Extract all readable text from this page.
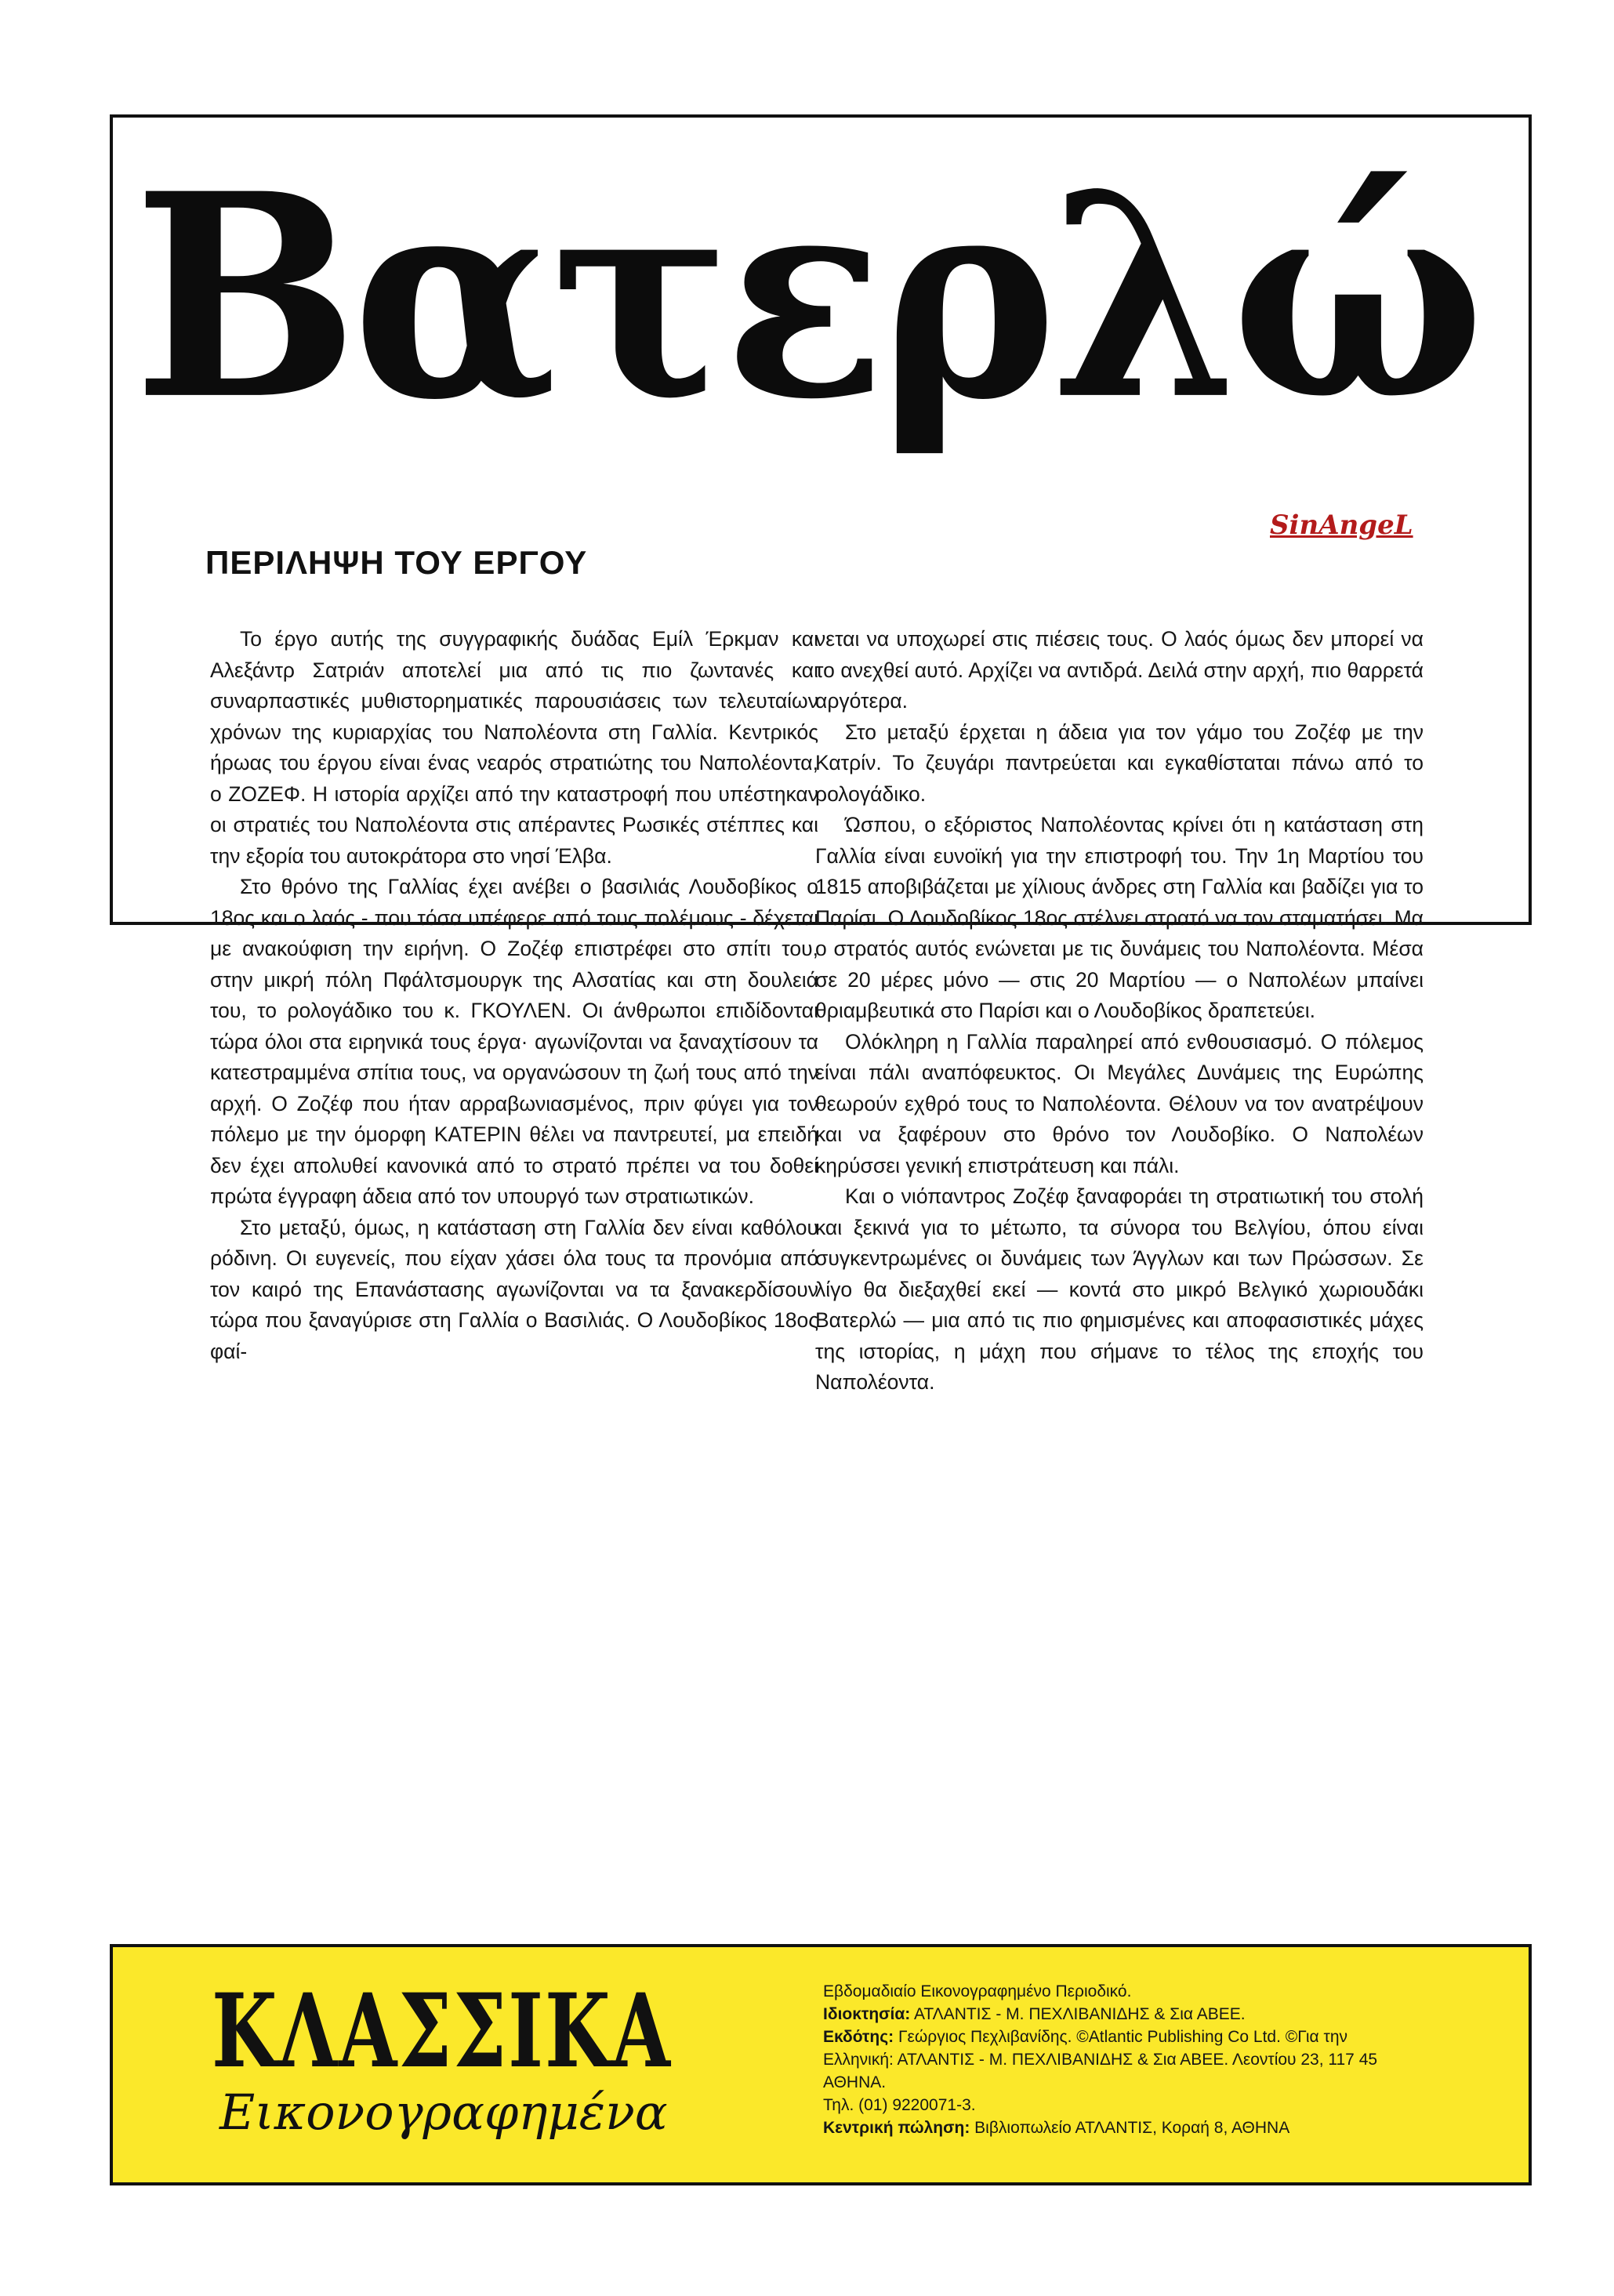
Βατερλώ
SinAngeL
ΠΕΡΙΛΗΨΗ ΤΟΥ ΕΡΓΟΥ

Το έργο αυτής της συγγραφικής δυάδας Εμίλ Έρκμαν και Αλεξάντρ Σατριάν αποτελεί μια από τις πιο ζωντανές και συναρπαστικές μυθιστορηματικές παρουσιάσεις των τελευταίων χρόνων της κυριαρχίας του Ναπολέοντα στη Γαλλία. Κεντρικός ήρωας του έργου είναι ένας νεαρός στρατιώτης του Ναπολέοντα, ο ΖΟΖΕΦ. Η ιστορία αρχίζει από την καταστροφή που υπέστηκαν οι στρατιές του Ναπολέοντα στις απέραντες Ρωσικές στέππες και την εξορία του αυτοκράτορα στο νησί Έλβα.

Στο θρόνο της Γαλλίας έχει ανέβει ο βασιλιάς Λουδοβίκος ο 18ος και ο λαός - που τόσα υπέφερε από τους πολέμους - δέχεται με ανακούφιση την ειρήνη. Ο Ζοζέφ επιστρέφει στο σπίτι του, στην μικρή πόλη Πφάλτσμουργκ της Αλσατίας και στη δουλειά του, το ρολογάδικο του κ. ΓΚΟΥΛΕΝ. Οι άνθρωποι επιδίδονται τώρα όλοι στα ειρηνικά τους έργα· αγωνίζονται να ξαναχτίσουν τα κατεστραμμένα σπίτια τους, να οργανώσουν τη ζωή τους από την αρχή. Ο Ζοζέφ που ήταν αρραβωνιασμένος, πριν φύγει για τον πόλεμο με την όμορφη ΚΑΤΕΡΙΝ θέλει να παντρευτεί, μα επειδή δεν έχει απολυθεί κανονικά από το στρατό πρέπει να του δοθεί πρώτα έγγραφη άδεια από τον υπουργό των στρατιωτικών.

Στο μεταξύ, όμως, η κατάσταση στη Γαλλία δεν είναι καθόλου ρόδινη. Οι ευγενείς, που είχαν χάσει όλα τους τα προνόμια από τον καιρό της Επανάστασης αγωνίζονται να τα ξανακερδίσουν τώρα που ξαναγύρισε στη Γαλλία ο Βασιλιάς. Ο Λουδοβίκος 18ος φαί-

νεται να υποχωρεί στις πιέσεις τους. Ο λαός όμως δεν μπορεί να το ανεχθεί αυτό. Αρχίζει να αντιδρά. Δειλά στην αρχή, πιο θαρρετά αργότερα.

Στο μεταξύ έρχεται η άδεια για τον γάμο του Ζοζέφ με την Κατρίν. Το ζευγάρι παντρεύεται και εγκαθίσταται πάνω από το ρολογάδικο.

Ώσπου, ο εξόριστος Ναπολέοντας κρίνει ότι η κατάσταση στη Γαλλία είναι ευνοϊκή για την επιστροφή του. Την 1η Μαρτίου του 1815 αποβιβάζεται με χίλιους άνδρες στη Γαλλία και βαδίζει για το Παρίσι. Ο Λουδοβίκος 18ος στέλνει στρατό να τον σταματήσει. Μα ο στρατός αυτός ενώνεται με τις δυνάμεις του Ναπολέοντα. Μέσα σε 20 μέρες μόνο — στις 20 Μαρτίου — ο Ναπολέων μπαίνει θριαμβευτικά στο Παρίσι και ο Λουδοβίκος δραπετεύει.

Ολόκληρη η Γαλλία παραληρεί από ενθουσιασμό. Ο πόλεμος είναι πάλι αναπόφευκτος. Οι Μεγάλες Δυνάμεις της Ευρώπης θεωρούν εχθρό τους το Ναπολέοντα. Θέλουν να τον ανατρέψουν και να ξαφέρουν στο θρόνο τον Λουδοβίκο. Ο Ναπολέων κηρύσσει γενική επιστράτευση και πάλι.

Και ο νιόπαντρος Ζοζέφ ξαναφοράει τη στρατιωτική του στολή και ξεκινά για το μέτωπο, τα σύνορα του Βελγίου, όπου είναι συγκεντρωμένες οι δυνάμεις των Άγγλων και των Πρώσσων. Σε λίγο θα διεξαχθεί εκεί — κοντά στο μικρό Βελγικό χωριουδάκι Βατερλώ — μια από τις πιο φημισμένες και αποφασιστικές μάχες της ιστορίας, η μάχη που σήμανε το τέλος της εποχής του Ναπολέοντα.

ΚΛΑΣΣΙΚΑ
Εικονογραφημένα
Εβδομαδιαίο Εικονογραφημένο Περιοδικό.
Ιδιοκτησία: ΑΤΛΑΝΤΙΣ - Μ. ΠΕΧΛΙΒΑΝΙΔΗΣ & Σια ΑΒΕΕ.
Εκδότης: Γεώργιος Πεχλιβανίδης. ©Atlantic Publishing Co Ltd. ©Για την Ελληνική: ΑΤΛΑΝΤΙΣ - Μ. ΠΕΧΛΙΒΑΝΙΔΗΣ & Σια ΑΒΕΕ. Λεοντίου 23, 117 45 ΑΘΗΝΑ.
Τηλ. (01) 9220071-3.
Κεντρική πώληση: Βιβλιοπωλείο ΑΤΛΑΝΤΙΣ, Κοραή 8, ΑΘΗΝΑ
